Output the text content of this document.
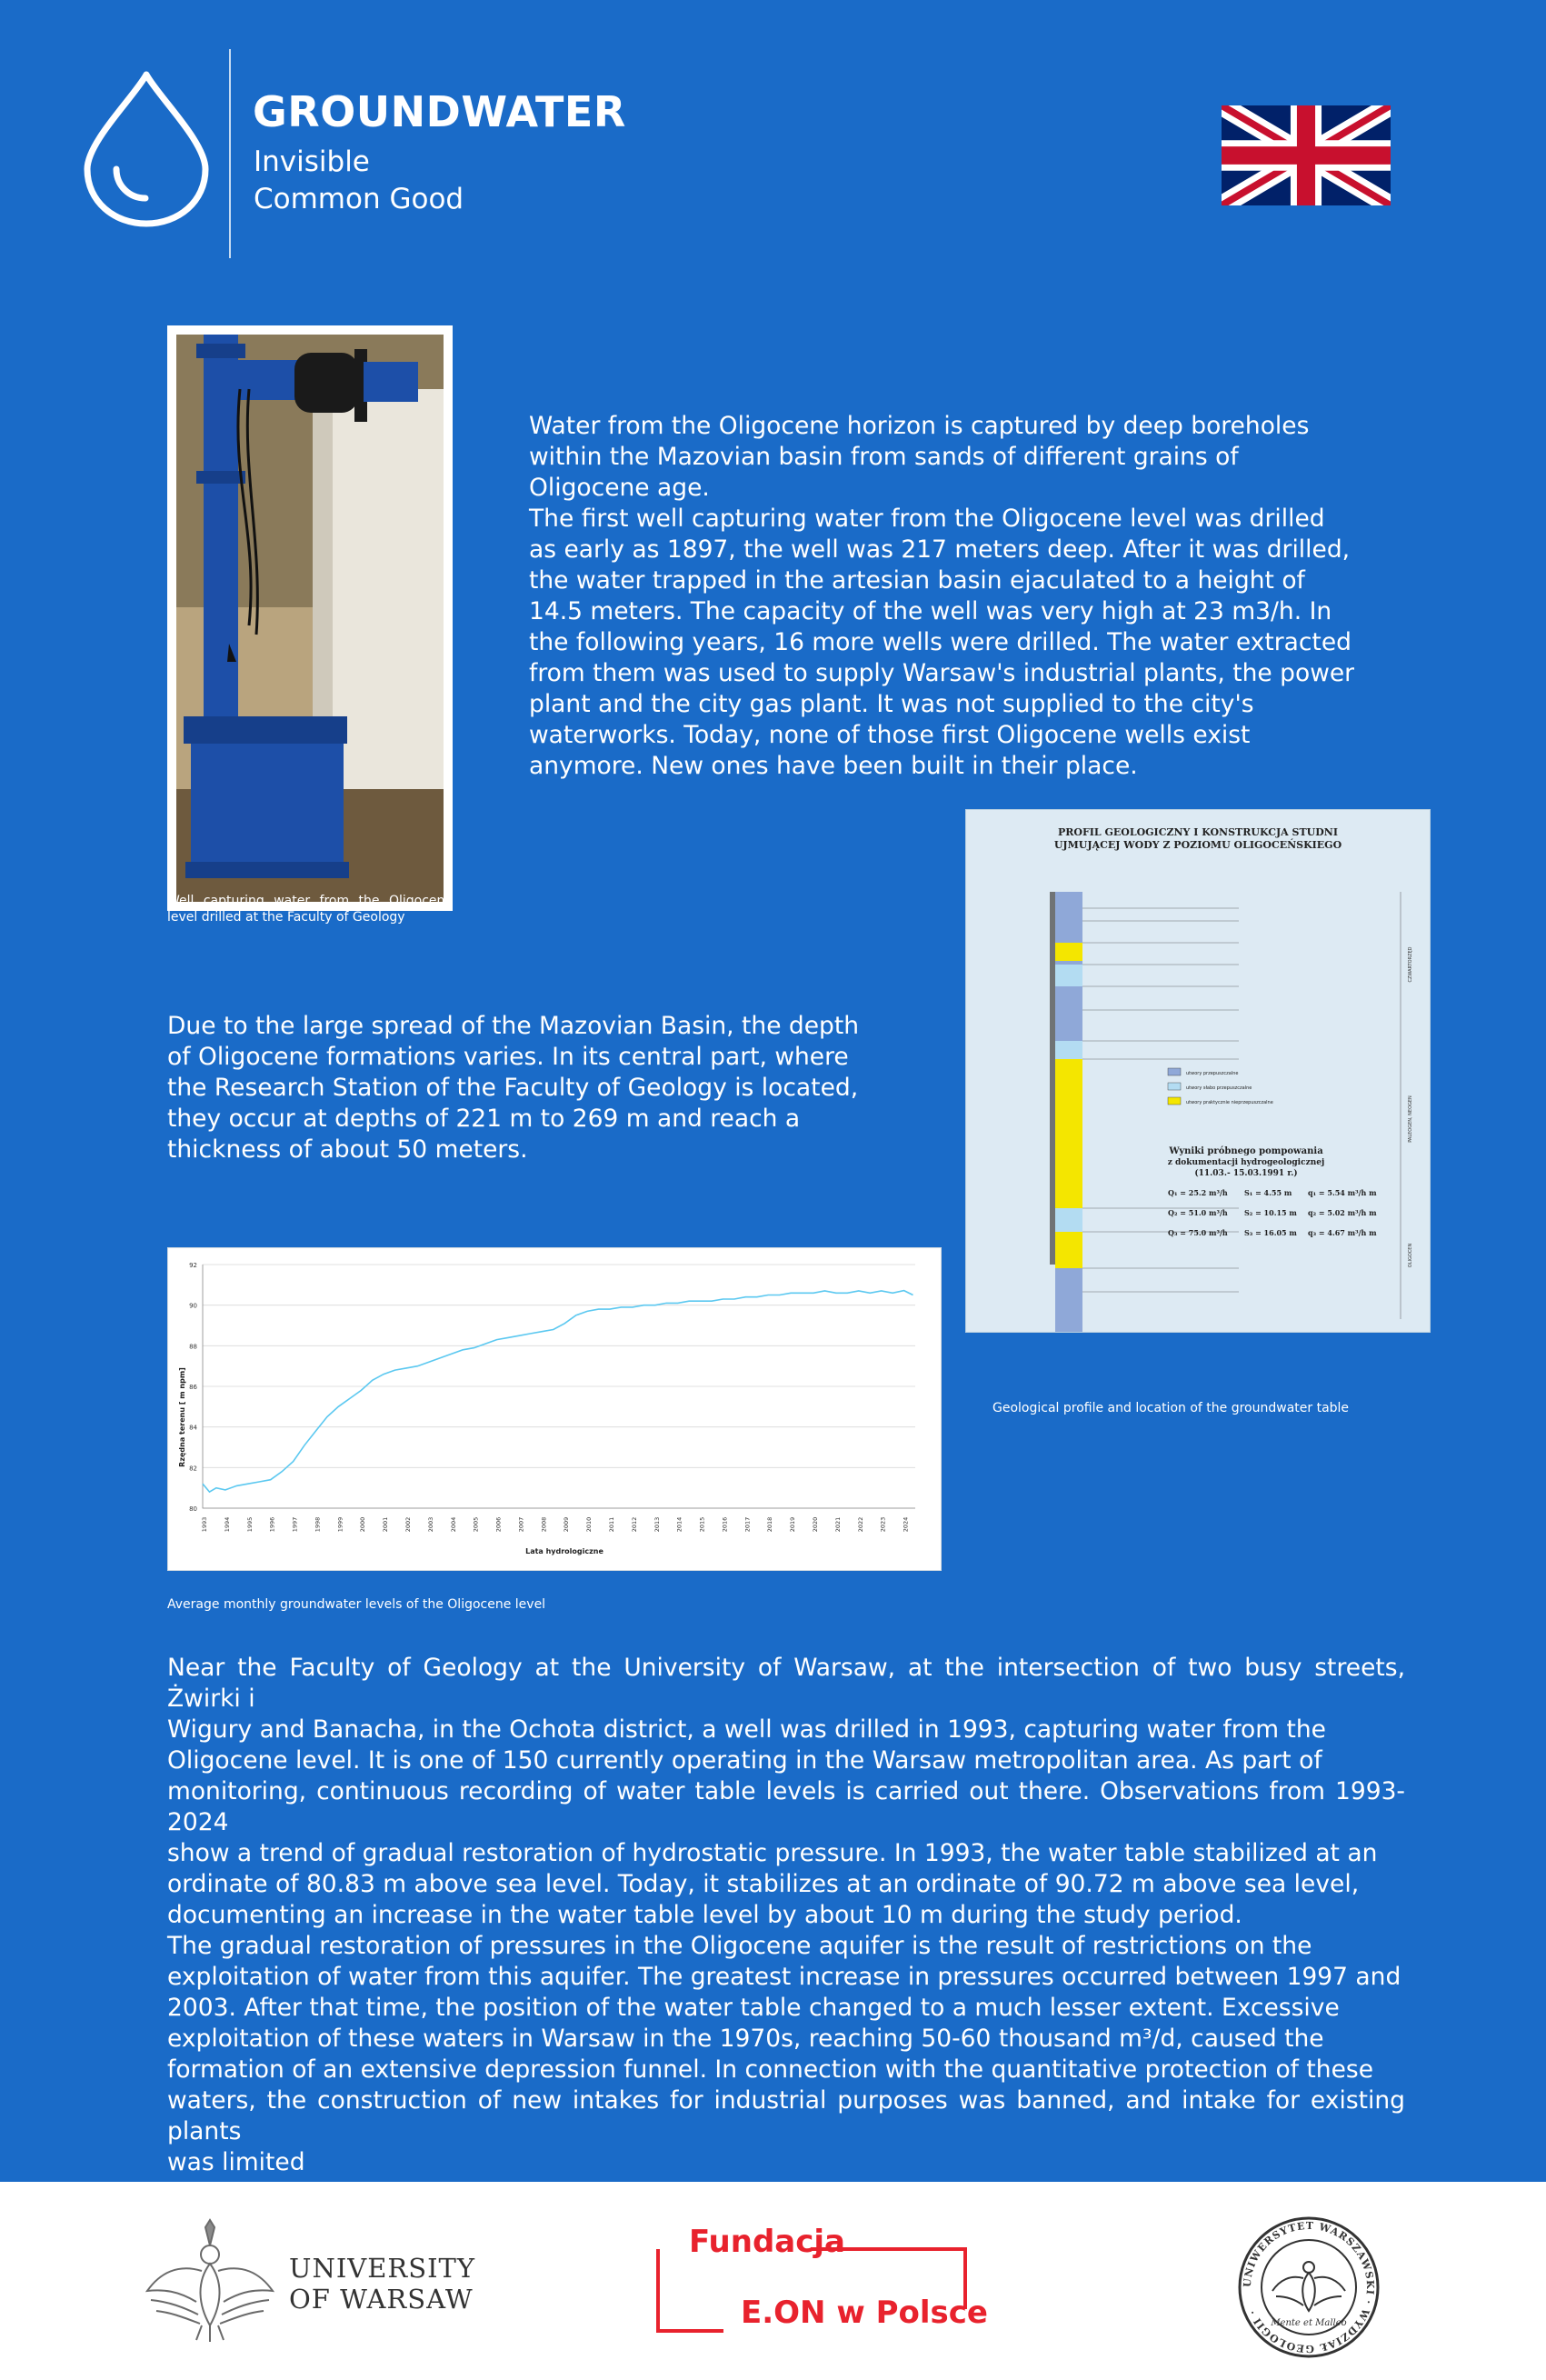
GROUNDWATER
Invisible
Common Good

Well capturing water from the Oligocene level drilled at the Faculty of Geology

Water from the Oligocene horizon is captured by deep boreholes
within the Mazovian basin from sands of different grains of
Oligocene age.
The first well capturing water from the Oligocene level was drilled
as early as 1897, the well was 217 meters deep. After it was drilled,
the water trapped in the artesian basin ejaculated to a height of
14.5 meters. The capacity of the well was very high at 23 m3/h. In
the following years, 16 more wells were drilled. The water extracted
from them was used to supply Warsaw's industrial plants, the power
plant and the city gas plant. It was not supplied to the city's
waterworks. Today, none of those first Oligocene wells exist
anymore. New ones have been built in their place.
PROFIL GEOLOGICZNY I KONSTRUKCJA STUDNI
UJMUJĄCEJ WODY Z POZIOMU OLIGOCEŃSKIEGO
utwory przepuszczalne
utwory słabo przepuszczalne
utwory praktycznie nieprzepuszczalne
Wyniki próbnego pompowania
z dokumentacji hydrogeologicznej
(11.03.- 15.03.1991 r.)
Q₁ = 25.2 m³/h S₁ = 4.55 m q₁ = 5.54 m³/h m
Q₂ = 51.0 m³/h S₂ = 10.15 m q₂ = 5.02 m³/h m
Q₃ = 75.0 m³/h S₃ = 16.05 m q₃ = 4.67 m³/h m
CZWARTORZĘD
PALEOGEN, NEOGEN
OLIGOCEN

Geological profile and location of the groundwater table

Due to the large spread of the Mazovian Basin, the depth
of Oligocene formations varies. In its central part, where
the Research Station of the Faculty of Geology is located,
they occur at depths of 221 m to 269 m and reach a
thickness of about 50 meters.
80
82
84
86
88
90
92
1993	1994	1995	1996	1997	1998	1999	2000	2001	2002	2003	2004	2005	2006	2007	2008	2009	2010	2011	2012	2013	2014	2015	2016	2017	2018	2019	2020	2021	2022	2023	2024
Lata hydrologiczne
Rzędna terenu [ m npm]

Average monthly groundwater levels of the Oligocene level

Near the Faculty of Geology at the University of Warsaw, at the intersection of two busy streets, Żwirki i
Wigury and Banacha, in the Ochota district, a well was drilled in 1993, capturing water from the
Oligocene level. It is one of 150 currently operating in the Warsaw metropolitan area. As part of
monitoring, continuous recording of water table levels is carried out there. Observations from 1993-2024
show a trend of gradual restoration of hydrostatic pressure. In 1993, the water table stabilized at an
ordinate of 80.83 m above sea level. Today, it stabilizes at an ordinate of 90.72 m above sea level,
documenting an increase in the water table level by about 10 m during the study period.
The gradual restoration of pressures in the Oligocene aquifer is the result of restrictions on the
exploitation of water from this aquifer. The greatest increase in pressures occurred between 1997 and
2003. After that time, the position of the water table changed to a much lesser extent. Excessive
exploitation of these waters in Warsaw in the 1970s, reaching 50-60 thousand m³/d, caused the
formation of an extensive depression funnel. In connection with the quantitative protection of these
waters, the construction of new intakes for industrial purposes was banned, and intake for existing plants
was limited
UNIVERSITY
OF WARSAW
Fundacja
E.ON w Polsce
UNIWERSYTET WARSZAWSKI · WYDZIAŁ GEOLOGII ·
Mente et Malleo
